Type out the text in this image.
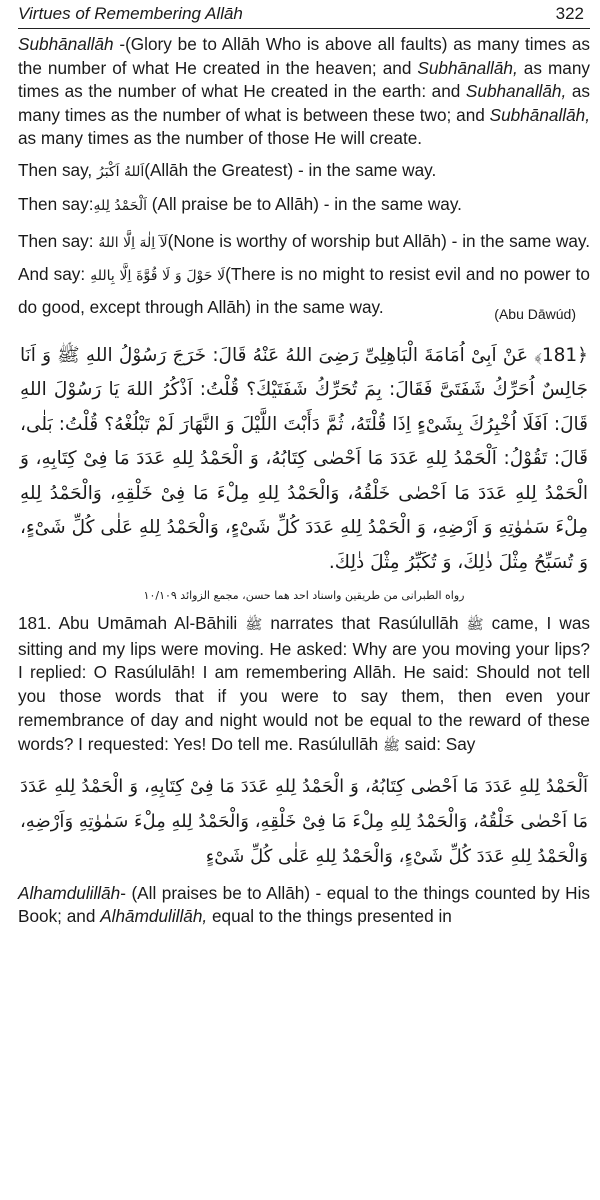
Virtues of Remembering Allāh	322

Subhānallāh -(Glory be to Allāh Who is above all faults) as many times as the number of what He created in the heaven; and Subhānallāh, as many times as the number of what He created in the earth: and Subhanallāh, as many times as the number of what is between these two; and Subhānallāh, as many times as the number of those He will create.

Then say, اَللهُ اَكْبَرُ(Allāh the Greatest) - in the same way.

Then say:اَلْحَمْدُ لِلهِ (All praise be to Allāh) - in the same way.

Then say: لَآ اِلٰهَ اِلَّا اللهُ(None is worthy of worship but Allāh) - in the same way. And say: لَا حَوْلَ وَ لَا قُوَّةَ اِلَّا بِاللهِ(There is no might to resist evil and no power to do good, except through Allāh) in the same way.	(Abu Dāwúd)

﴿181﴾ عَنْ اَبِیْ اُمَامَةَ الْبَاهِلِیِّ رَضِیَ اللهُ عَنْهُ قَالَ: خَرَجَ رَسُوْلُ اللهِ ﷺ وَ اَنَا جَالِسٌ اُحَرِّكُ شَفَتَیَّ فَقَالَ: بِمَ تُحَرِّكُ شَفَتَيْكَ؟ قُلْتُ: اَذْكُرُ اللهَ يَا رَسُوْلَ اللهِ قَالَ: اَفَلَا اُخْبِرُكَ بِشَیْءٍ اِذَا قُلْتَهُ، ثُمَّ دَأَبْتَ اللَّيْلَ وَ النَّهَارَ لَمْ تَبْلُغْهُ؟ قُلْتُ: بَلٰی، قَالَ: تَقُوْلُ: اَلْحَمْدُ لِلهِ عَدَدَ مَا اَحْصٰی كِتَابُهُ، وَ الْحَمْدُ لِلهِ عَدَدَ مَا فِیْ كِتَابِهِ، وَ الْحَمْدُ لِلهِ عَدَدَ مَا اَحْصٰی خَلْقُهُ، وَالْحَمْدُ لِلهِ مِلْءَ مَا فِیْ خَلْقِهِ، وَالْحَمْدُ لِلهِ مِلْءَ سَمٰوٰتِهِ وَ اَرْضِهِ، وَ الْحَمْدُ لِلهِ عَدَدَ كُلِّ شَیْءٍ، وَالْحَمْدُ لِلهِ عَلٰی كُلِّ شَیْءٍ، وَ تُسَبِّحُ مِثْلَ ذٰلِكَ، وَ تُكَبِّرُ مِثْلَ ذٰلِكَ.

رواه الطبرانی من طریقین واسناد احد هما حسن، مجمع الزوائد ۱۰/۱۰۹

181. Abu Umāmah Al-Bāhili ﷺ narrates that Rasúlullāh ﷺ came, I was sitting and my lips were moving. He asked: Why are you moving your lips? I replied: O Rasúlulāh! I am remembering Allāh. He said: Should not tell you those words that if you were to say them, then even your remembrance of day and night would not be equal to the reward of these words? I requested: Yes! Do tell me. Rasúlullāh ﷺ said: Say

اَلْحَمْدُ لِلهِ عَدَدَ مَا اَحْصٰی كِتَابُهُ، وَ الْحَمْدُ لِلهِ عَدَدَ مَا فِیْ كِتَابِهِ، وَ الْحَمْدُ لِلهِ عَدَدَ مَا اَحْصٰی خَلْقُهُ، وَالْحَمْدُ لِلهِ مِلْءَ مَا فِیْ خَلْقِهِ، وَالْحَمْدُ لِلهِ مِلْءَ سَمٰوٰتِهِ وَاَرْضِهِ، وَالْحَمْدُ لِلهِ عَدَدَ كُلِّ شَیْءٍ، وَالْحَمْدُ لِلهِ عَلٰی كُلِّ شَیْءٍ

Alhamdulillāh- (All praises be to Allāh) - equal to the things counted by His Book; and Alhāmdulillāh, equal to the things presented in
